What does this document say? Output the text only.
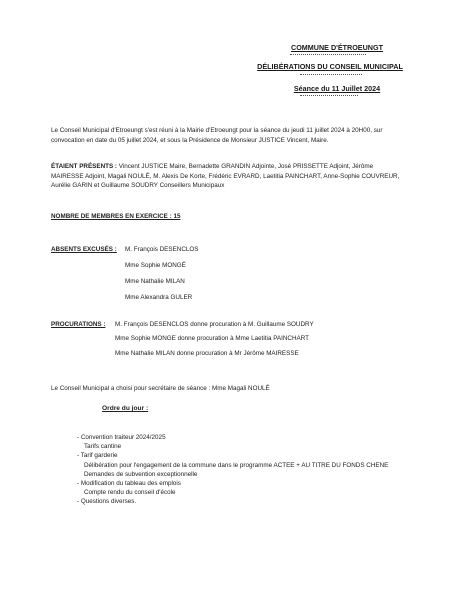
COMMUNE D'ÉTROEUNGT
DÉLIBÉRATIONS DU CONSEIL MUNICIPAL
Séance du 11 Juillet 2024
Le Conseil Municipal d'Etroeungt s'est réuni à la Mairie d'Etroeungt pour la séance du jeudi 11 juillet 2024 à 20H00, sur convocation en date du 05 juillet 2024, et sous la Présidence de Monsieur JUSTICE Vincent, Maire.
ÉTAIENT PRÉSENTS : Vincent JUSTICE Maire, Bernadette GRANDIN Adjointe, José PRISSETTE Adjoint, Jérôme MAIRESSE Adjoint, Magali NOULÉ, M. Alexis De Korte, Frédéric EVRARD, Laetitia PAINCHART, Anne-Sophie COUVREUR, Aurélie GARIN et Guillaume SOUDRY Conseillers Municipaux
NOMBRE DE MEMBRES EN EXERCICE : 15
ABSENTS EXCUSÉS : M. François DESENCLOS
Mme Sophie MONGÉ
Mme Nathalie MILAN
Mme Alexandra GULER
PROCURATIONS : M. François DESENCLOS donne procuration à M. Guillaume SOUDRY
Mme Sophie MONGE donne procuration à Mme Laetitia PAINCHART
Mme Nathalie MILAN donne procuration à Mr Jérôme MAIRESSE
Le Conseil Municipal a choisi pour secrétaire de séance : Mme Magali NOULÉ
Ordre du jour :
- Convention traiteur 2024/2025
Tarifs cantine
- Tarif garderie
Délibération pour l'engagement de la commune dans le programme ACTEE + AU TITRE DU FONDS CHENE
Demandes de subvention exceptionnelle
- Modification du tableau des emplois
Compte rendu du conseil d'école
- Questions diverses.
